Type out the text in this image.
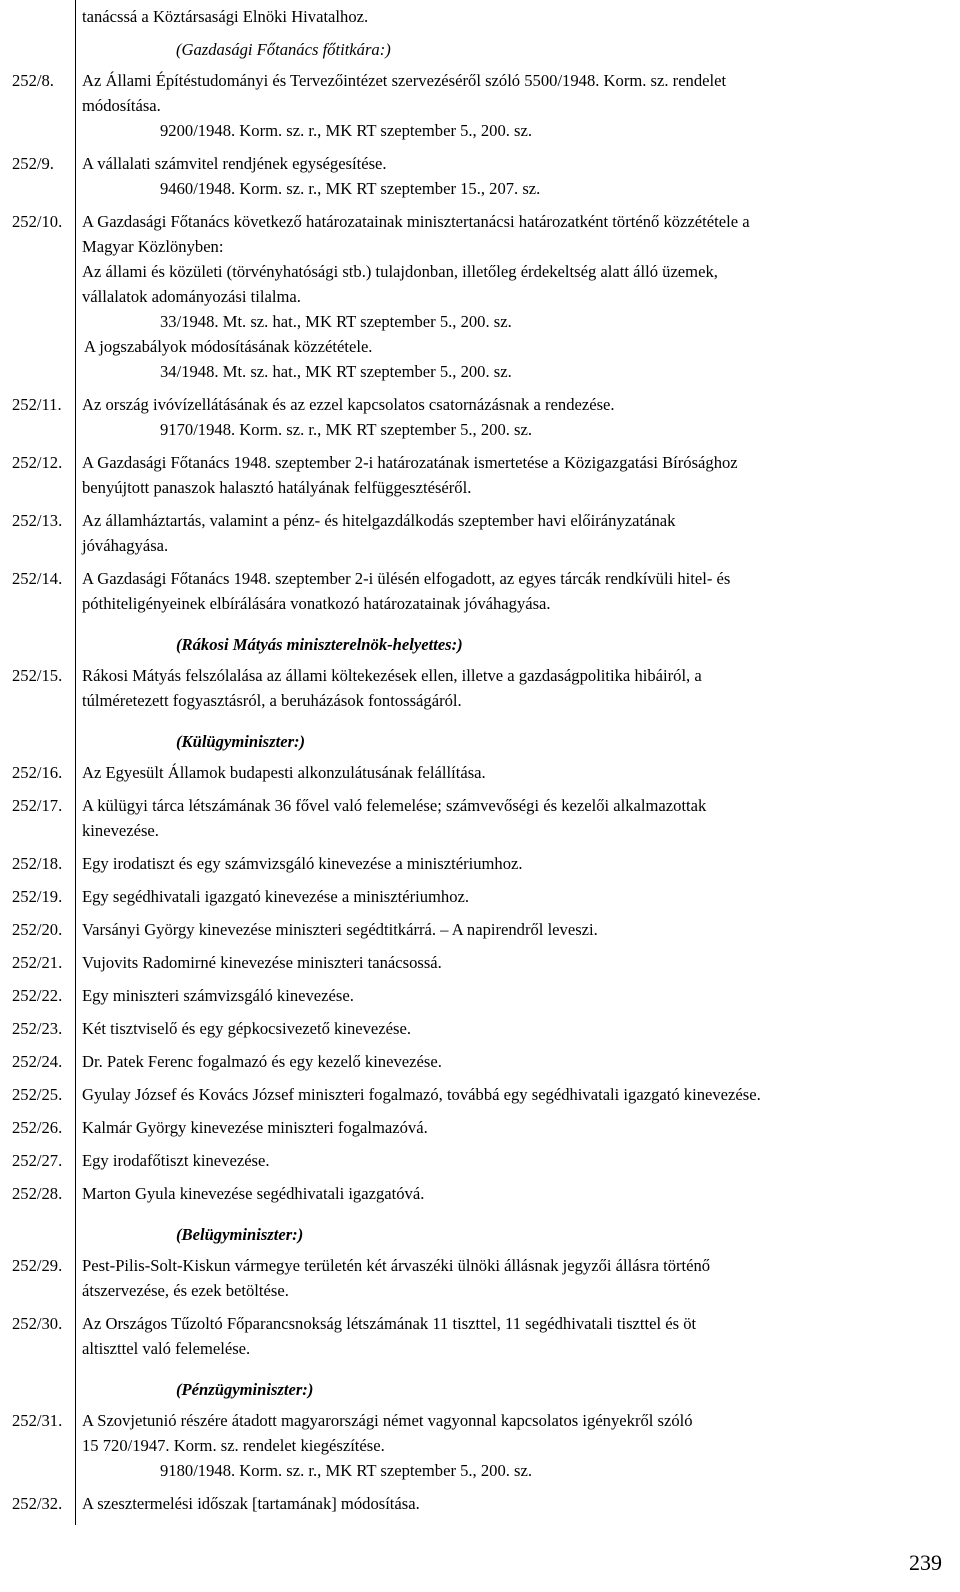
tanácssá a Köztársasági Elnöki Hivatalhoz.
(Gazdasági Főtanács főtitkára:)
252/8.	Az Állami Építéstudományi és Tervezőintézet szervezéséről szóló 5500/1948. Korm. sz. rendelet
módosítása.
9200/1948. Korm. sz. r., MK RT szeptember 5., 200. sz.
252/9.	A vállalati számvitel rendjének egységesítése.
9460/1948. Korm. sz. r., MK RT szeptember 15., 207. sz.
252/10.	A Gazdasági Főtanács következő határozatainak minisztertanácsi határozatként történő közzététele a
Magyar Közlönyben:
Az állami és közületi (törvényhatósági stb.) tulajdonban, illetőleg érdekeltség alatt álló üzemek,
vállalatok adományozási tilalma.
33/1948. Mt. sz. hat., MK RT szeptember 5., 200. sz.
A jogszabályok módosításának közzététele.
34/1948. Mt. sz. hat., MK RT szeptember 5., 200. sz.
252/11.	Az ország ivóvízellátásának és az ezzel kapcsolatos csatornázásnak a rendezése.
9170/1948. Korm. sz. r., MK RT szeptember 5., 200. sz.
252/12.	A Gazdasági Főtanács 1948. szeptember 2-i határozatának ismertetése a Közigazgatási Bírósághoz
benyújtott panaszok halasztó hatályának felfüggesztéséről.
252/13.	Az államháztartás, valamint a pénz- és hitelgazdálkodás szeptember havi előirányzatának
jóváhagyása.
252/14.	A Gazdasági Főtanács 1948. szeptember 2-i ülésén elfogadott, az egyes tárcák rendkívüli hitel- és
póthiteligényeinek elbírálására vonatkozó határozatainak jóváhagyása.
(Rákosi Mátyás miniszterelnök-helyettes:)
252/15.	Rákosi Mátyás felszólalása az állami költekezések ellen, illetve a gazdaságpolitika hibáiról, a
túlméretezett fogyasztásról, a beruházások fontosságáról.
(Külügyminiszter:)
252/16.	Az Egyesült Államok budapesti alkonzulátusának felállítása.
252/17.	A külügyi tárca létszámának 36 fővel való felemelése; számvevőségi és kezelői alkalmazottak
kinevezése.
252/18.	Egy irodatiszt és egy számvizsgáló kinevezése a minisztériumhoz.
252/19.	Egy segédhivatali igazgató kinevezése a minisztériumhoz.
252/20.	Varsányi György kinevezése miniszteri segédtitkárrá. – A napirendről leveszi.
252/21.	Vujovits Radomirné kinevezése miniszteri tanácsossá.
252/22.	Egy miniszteri számvizsgáló kinevezése.
252/23.	Két tisztviselő és egy gépkocsivezető kinevezése.
252/24.	Dr. Patek Ferenc fogalmazó és egy kezelő kinevezése.
252/25.	Gyulay József és Kovács József miniszteri fogalmazó, továbbá egy segédhivatali igazgató kinevezése.
252/26.	Kalmár György kinevezése miniszteri fogalmazóvá.
252/27.	Egy irodafőtiszt kinevezése.
252/28.	Marton Gyula kinevezése segédhivatali igazgatóvá.
(Belügyminiszter:)
252/29.	Pest-Pilis-Solt-Kiskun vármegye területén két árvaszéki ülnöki állásnak jegyzői állásra történő
átszervezése, és ezek betöltése.
252/30.	Az Országos Tűzoltó Főparancsnokság létszámának 11 tiszttel, 11 segédhivatali tiszttel és öt
altiszttel való felemelése.
(Pénzügyminiszter:)
252/31.	A Szovjetunió részére átadott magyarországi német vagyonnal kapcsolatos igényekről szóló
15 720/1947. Korm. sz. rendelet kiegészítése.
9180/1948. Korm. sz. r., MK RT szeptember 5., 200. sz.
252/32.	A szesztermelési időszak [tartamának] módosítása.
239
